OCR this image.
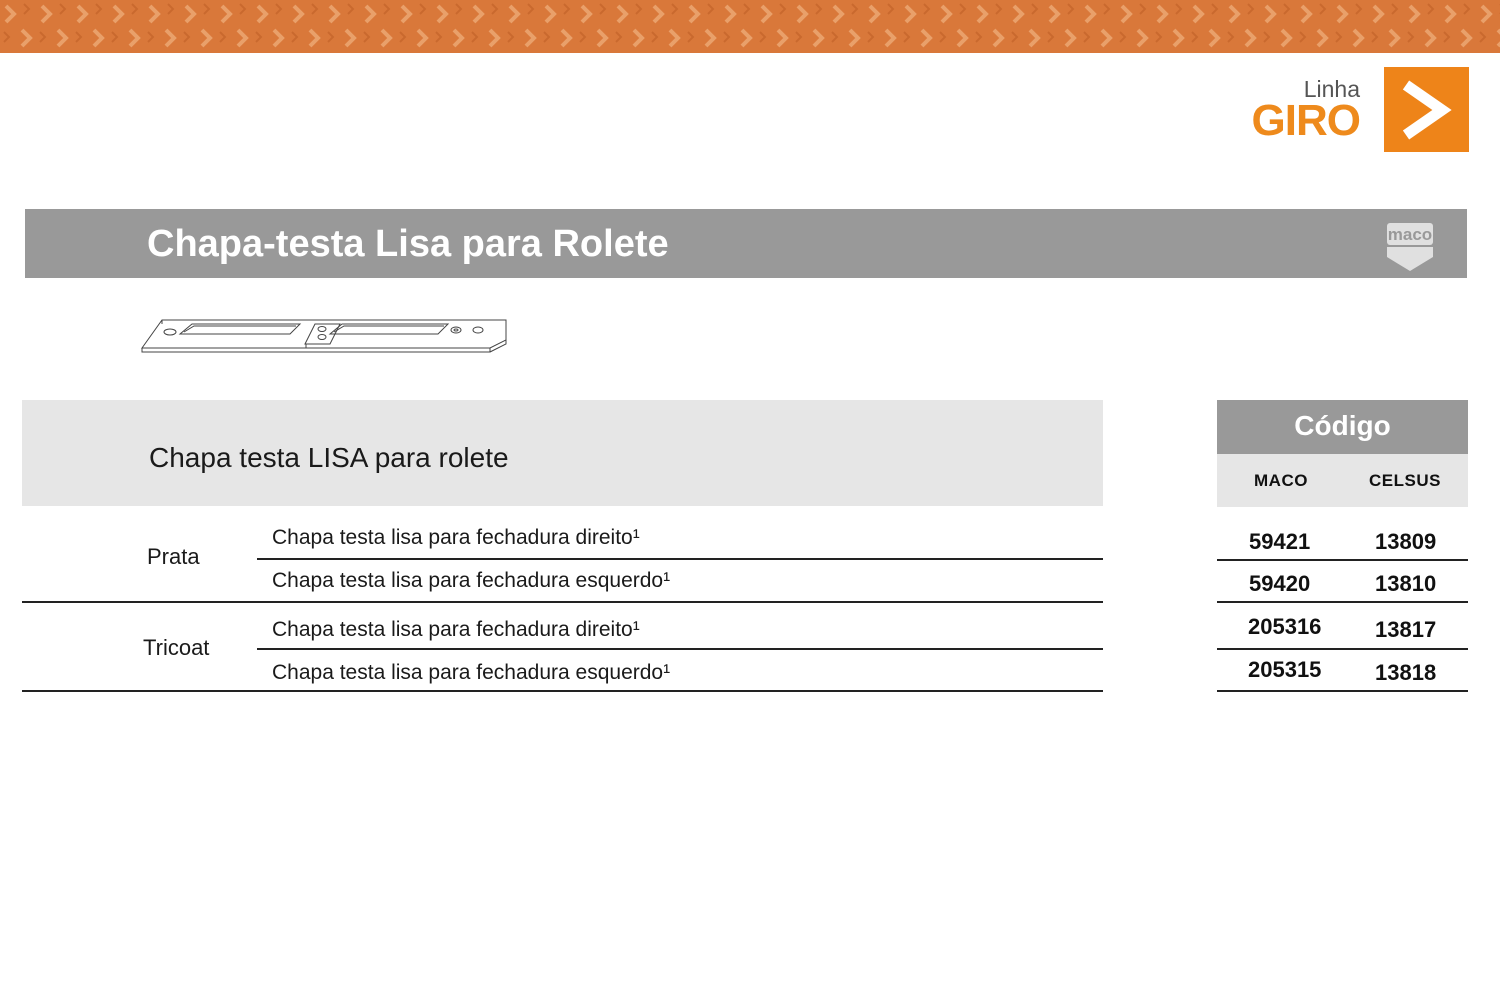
Linha
GIRO
Chapa-testa Lisa para Rolete	maco
Chapa testa LISA para rolete
Prata
Chapa testa lisa para fechadura direito¹
Chapa testa lisa para fechadura esquerdo¹
Tricoat
Chapa testa lisa para fechadura direito¹
Chapa testa lisa para fechadura esquerdo¹
Código
MACO	CELSUS
59421	13809
59420	13810
205316 13817
205315 13818
